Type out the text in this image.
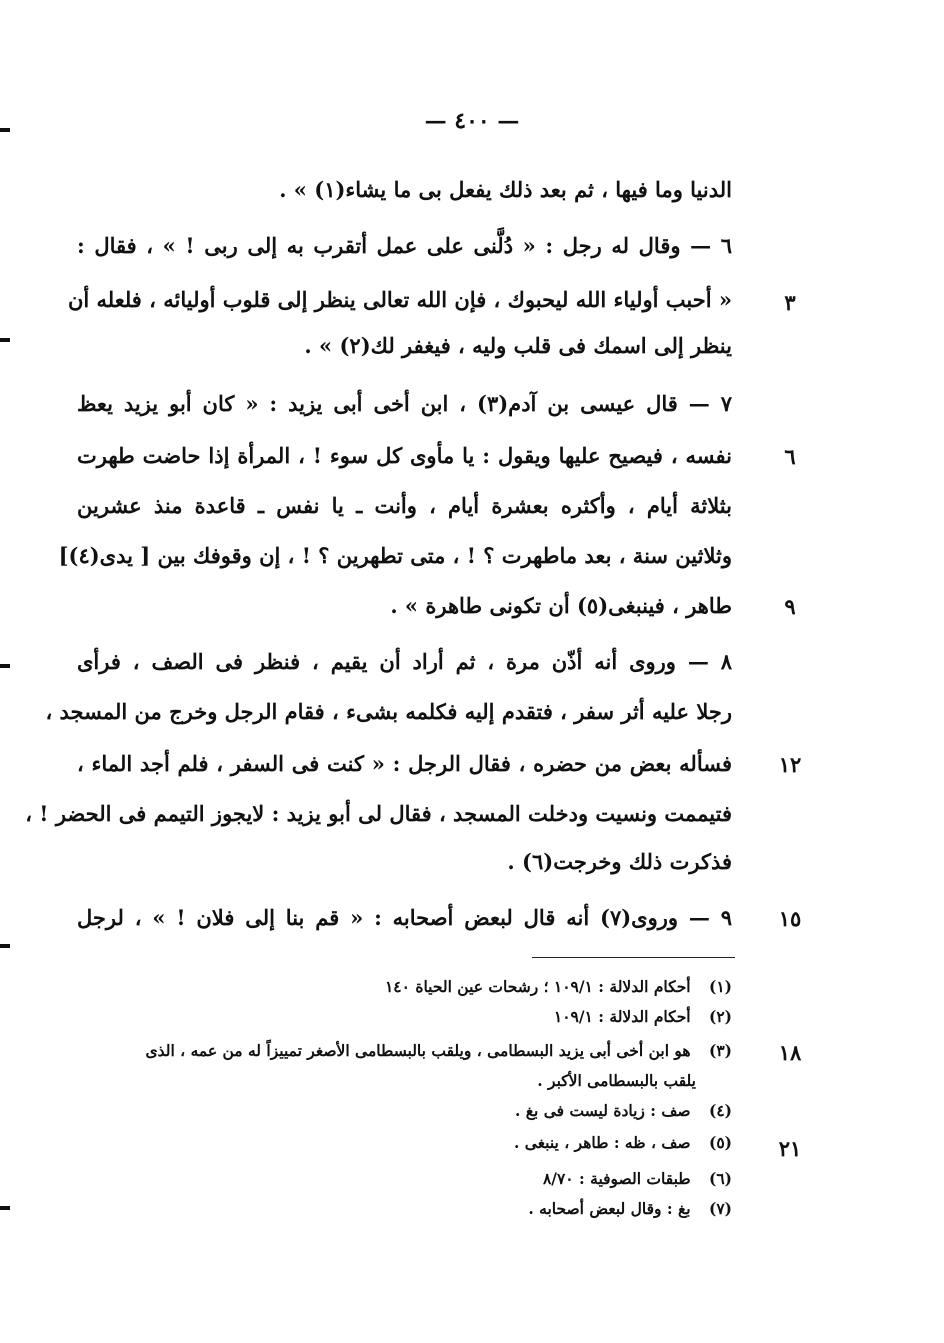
— ٤٠٠ —
الدنيا وما فيها ، ثم بعد ذلك يفعل بى ما يشاء(١) » .
٦ — وقال له رجل : « دُلَّنى على عمل أتقرب به إلى ربى ! » ، فقال :
« أحبب أولياء الله ليحبوك ، فإن الله تعالى ينظر إلى قلوب أوليائه ، فلعله أن
ينظر إلى اسمك فى قلب وليه ، فيغفر لك(٢) » .
٧ — قال عيسى بن آدم(٣) ، ابن أخى أبى يزيد : « كان أبو يزيد يعظ
نفسه ، فيصيح عليها ويقول : يا مأوى كل سوء ! ، المرأة إذا حاضت طهرت
بثلاثة أيام ، وأكثره بعشرة أيام ، وأنت ـ يا نفس ـ قاعدة منذ عشرين
وثلاثين سنة ، بعد ماطهرت ؟ ! ، متى تطهرين ؟ ! ، إن وقوفك بين [ يدى(٤)]
طاهر ، فينبغى(٥) أن تكونى طاهرة » .
٨ — وروى أنه أذّن مرة ، ثم أراد أن يقيم ، فنظر فى الصف ، فرأى
رجلا عليه أثر سفر ، فتقدم إليه فكلمه بشىء ، فقام الرجل وخرج من المسجد ،
فسأله بعض من حضره ، فقال الرجل : « كنت فى السفر ، فلم أجد الماء ،
فتيممت ونسيت ودخلت المسجد ، فقال لى أبو يزيد : لايجوز التيمم فى الحضر ! ،
فذكرت ذلك وخرجت(٦) .
٩ — وروى(٧) أنه قال لبعض أصحابه : « قم بنا إلى فلان ! » ، لرجل
٣
٦
٩
١٢
١٥
١٨
٢١
(١) أحكام الدلالة : ١٠٩/١ ؛ رشحات عين الحياة ١٤٠
(٢) أحكام الدلالة : ١٠٩/١
(٣) هو ابن أخى أبى يزيد البسطامى ، ويلقب بالبسطامى الأصغر تمييزاً له من عمه ، الذى
يلقب بالبسطامى الأكبر .
(٤) صف : زيادة ليست فى بغ .
(٥) صف ، ظه : طاهر ، ينبغى .
(٦) طبقات الصوفية : ٨/٧٠
(٧) بغ : وقال لبعض أصحابه .
